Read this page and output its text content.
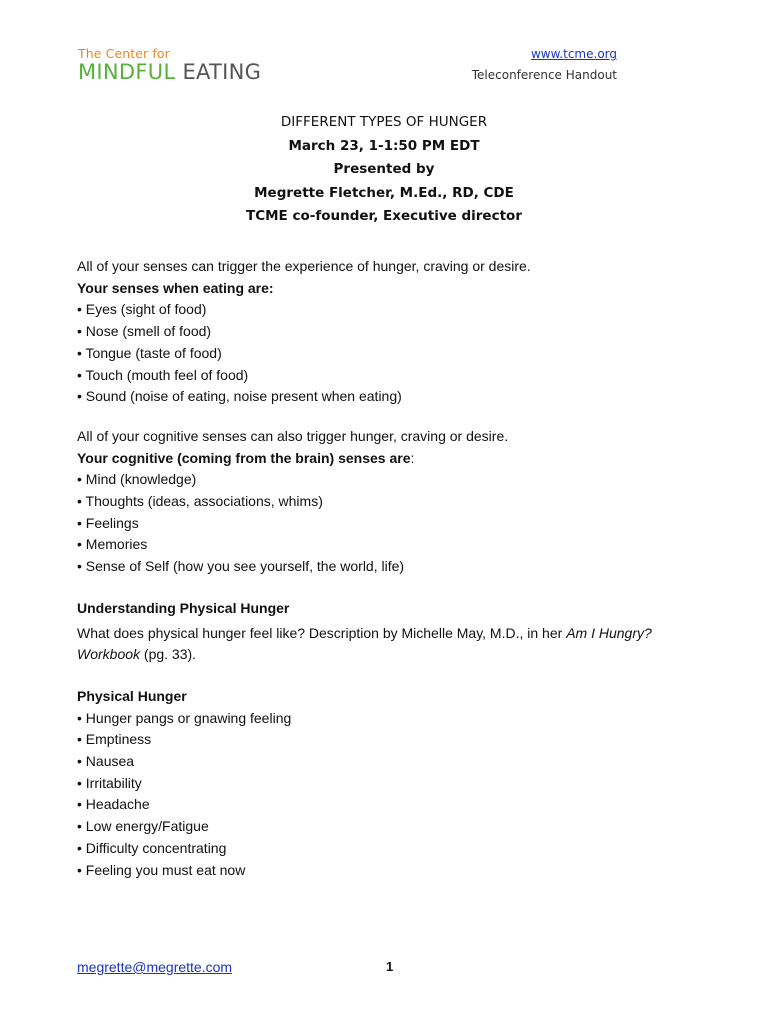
The Center for
MINDFUL EATING
www.tcme.org
Teleconference Handout
DIFFERENT TYPES OF HUNGER
March 23, 1-1:50 PM EDT
Presented by
Megrette Fletcher, M.Ed., RD, CDE
TCME co-founder, Executive director

All of your senses can trigger the experience of hunger, craving or desire.

Your senses when eating are:

• Eyes (sight of food)
• Nose (smell of food)
• Tongue (taste of food)
• Touch (mouth feel of food)
• Sound (noise of eating, noise present when eating)

All of your cognitive senses can also trigger hunger, craving or desire.

Your cognitive (coming from the brain) senses are:

• Mind (knowledge)
• Thoughts (ideas, associations, whims)
• Feelings
• Memories
• Sense of Self (how you see yourself, the world, life)

Understanding Physical Hunger

What does physical hunger feel like? Description by Michelle May, M.D., in her Am I Hungry? Workbook (pg. 33).

Physical Hunger

• Hunger pangs or gnawing feeling
• Emptiness
• Nausea
• Irritability
• Headache
• Low energy/Fatigue
• Difficulty concentrating
• Feeling you must eat now
megrette@megrette.com	1
